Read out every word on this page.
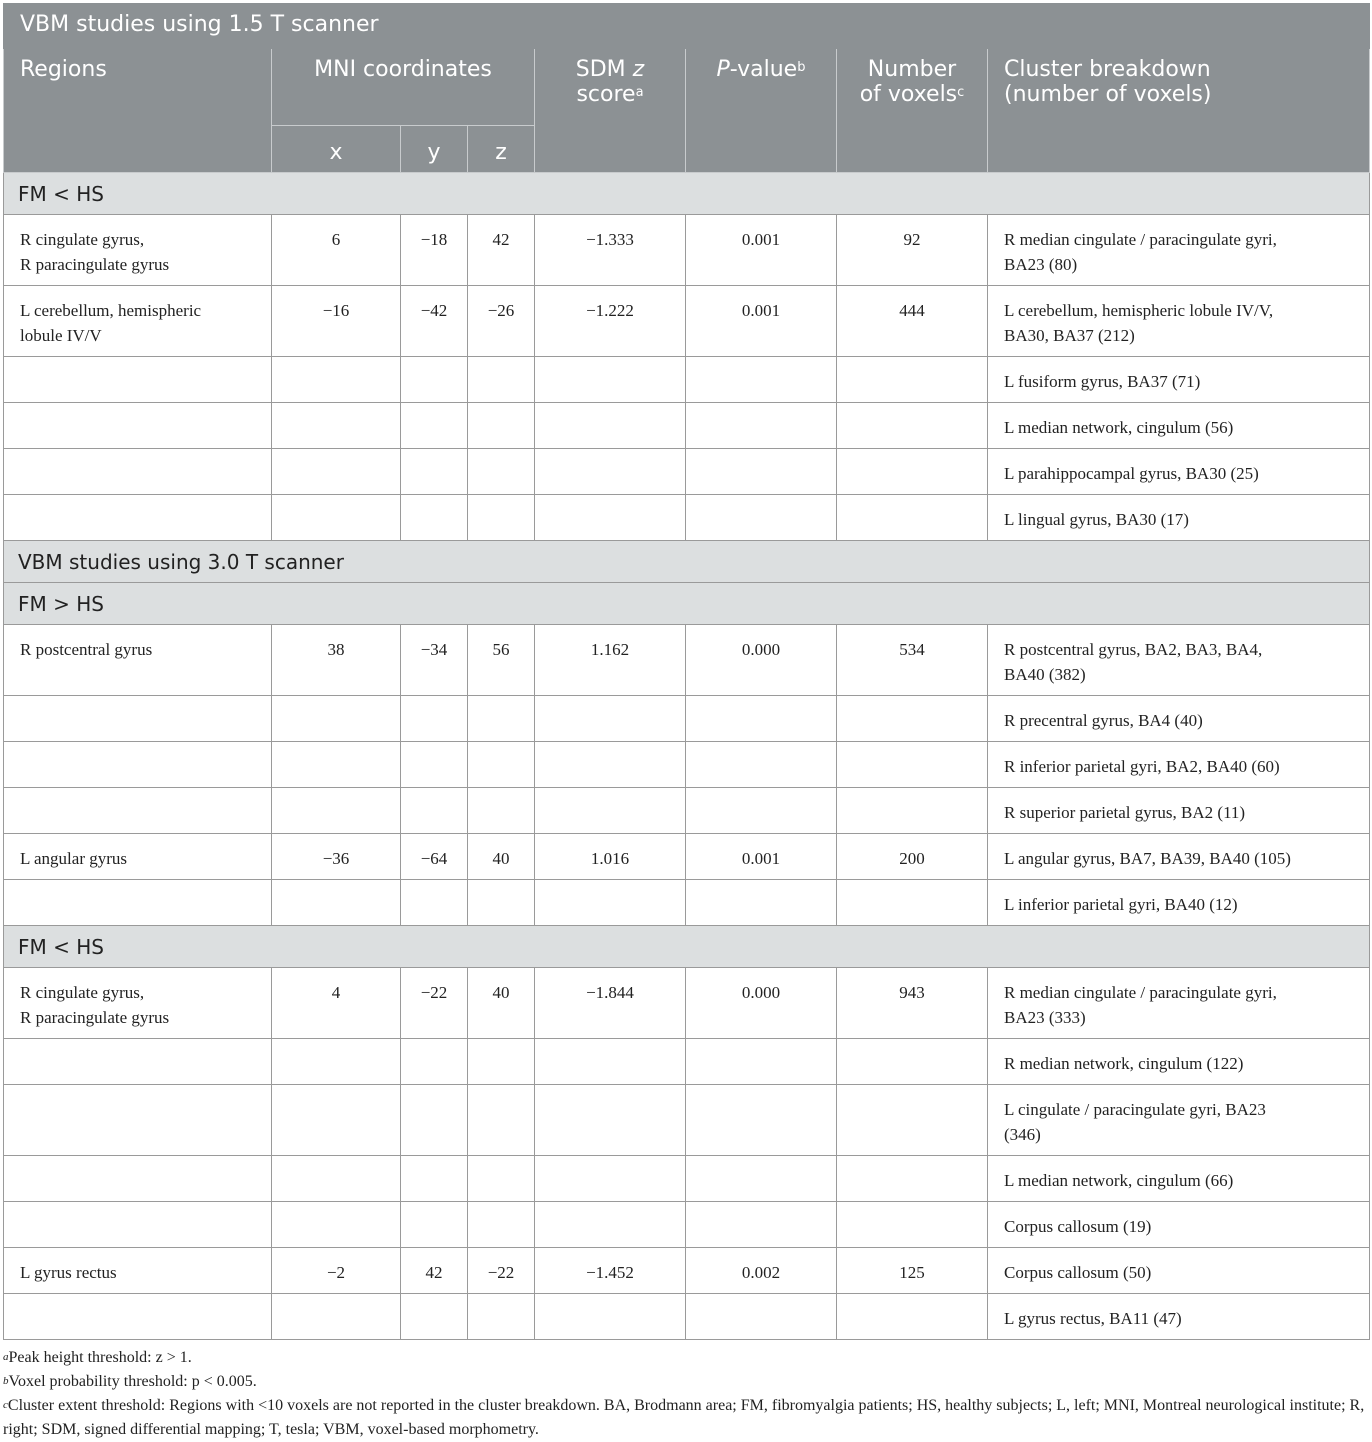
VBM studies using 1.5 T scanner							
Regions	MNI coordinates			SDM z
score$^a$	P-value$^b$	Number
of voxels$^c$	Cluster breakdown
(number of voxels)
	x	y	z				
FM < HS							
R cingulate gyrus,
R paracingulate gyrus	6	−18	42	−1.333	0.001	92	R median cingulate / paracingulate gyri,
BA23 (80)
L cerebellum, hemispheric
lobule IV/V	−16	−42	−26	−1.222	0.001	444	L cerebellum, hemispheric lobule IV/V,
BA30, BA37 (212)
							L fusiform gyrus, BA37 (71)
							L median network, cingulum (56)
							L parahippocampal gyrus, BA30 (25)
							L lingual gyrus, BA30 (17)
VBM studies using 3.0 T scanner							
FM > HS							
R postcentral gyrus	38	−34	56	1.162	0.000	534	R postcentral gyrus, BA2, BA3, BA4,
BA40 (382)
							R precentral gyrus, BA4 (40)
							R inferior parietal gyri, BA2, BA40 (60)
							R superior parietal gyrus, BA2 (11)
L angular gyrus	−36	−64	40	1.016	0.001	200	L angular gyrus, BA7, BA39, BA40 (105)
							L inferior parietal gyri, BA40 (12)
FM < HS							
R cingulate gyrus,
R paracingulate gyrus	4	−22	40	−1.844	0.000	943	R median cingulate / paracingulate gyri,
BA23 (333)
							R median network, cingulum (122)
							L cingulate / paracingulate gyri, BA23
(346)
							L median network, cingulum (66)
							Corpus callosum (19)
L gyrus rectus	−2	42	−22	−1.452	0.002	125	Corpus callosum (50)
							L gyrus rectus, BA11 (47)
$^a$Peak height threshold: z > 1.
$^b$Voxel probability threshold: p < 0.005.
$^c$Cluster extent threshold: Regions with <10 voxels are not reported in the cluster breakdown. BA, Brodmann area; FM, fibromyalgia patients; HS, healthy subjects; L, left; MNI, Montreal neurological institute; R, right; SDM, signed differential mapping; T, tesla; VBM, voxel-based morphometry.
